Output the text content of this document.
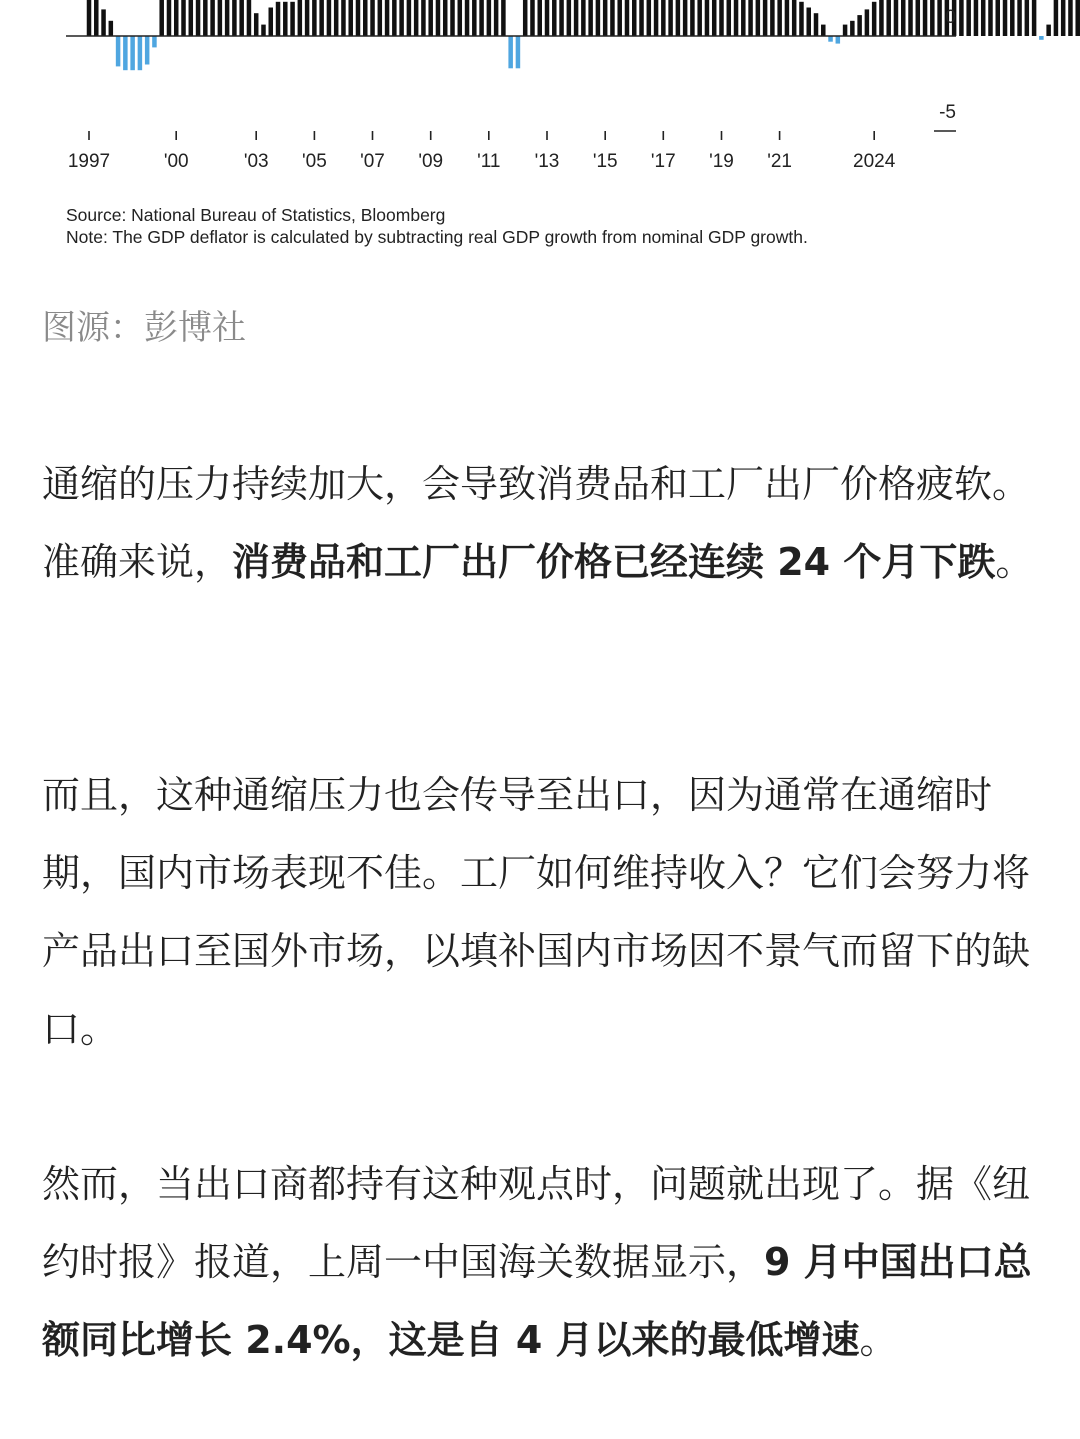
0
-5
1997	'00	'03 '05 '07 '09 '11 '13 '15 '17 '19 '21	2024
Source: National Bureau of Statistics, Bloomberg
Note: The GDP deflator is calculated by subtracting real GDP growth from nominal GDP growth.

图源：彭博社

通缩的压力持续加大，会导致消费品和工厂出厂价格疲软。准确来说，消费品和工厂出厂价格已经连续 24 个月下跌。

而且，这种通缩压力也会传导至出口，因为通常在通缩时期，国内市场表现不佳。工厂如何维持收入？它们会努力将产品出口至国外市场，以填补国内市场因不景气而留下的缺口。

然而，当出口商都持有这种观点时，问题就出现了。据《纽约时报》报道，上周一中国海关数据显示，9 月中国出口总额同比增长 2.4%，这是自 4 月以来的最低增速。
